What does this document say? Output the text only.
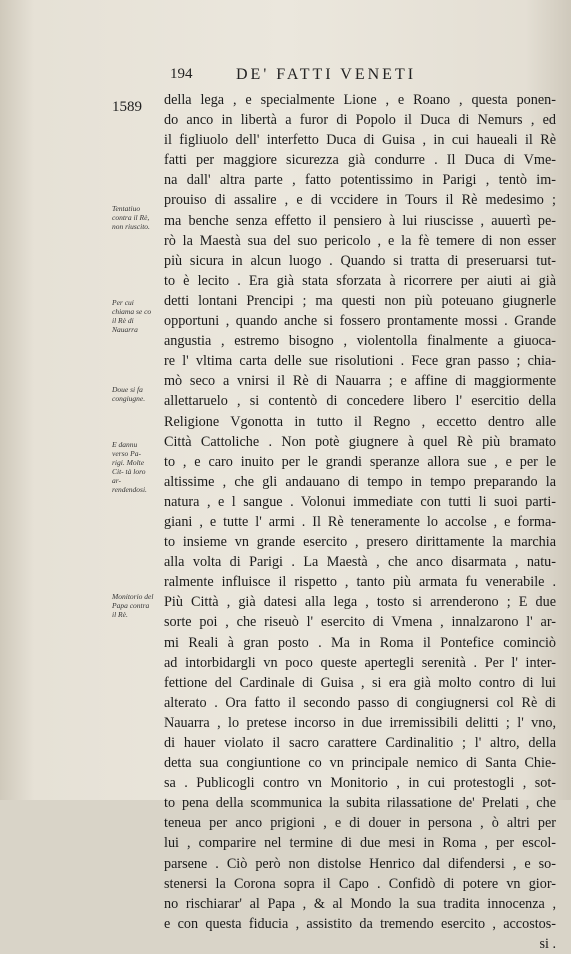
194	DE' FATTI VENETI
1589
Tentatiuo contra il Rè, non riuscito.
Per cui chiama se co il Rè di Nauarra
Doue si fa congiugne.
E dannu verso Pa- rigi. Molte Cit- tà loro ar- rendendosi.
Monitorio del Papa contra il Rè.
della lega , e specialmente Lione , e Roano , questa ponen-
do anco in libertà a furor di Popolo il Duca di Nemurs , ed
il figliuolo dell' interfetto Duca di Guisa , in cui haueali il Rè
fatti per maggiore sicurezza già condurre . Il Duca di Vme-
na dall' altra parte , fatto potentissimo in Parigi , tentò im-
prouiso di assalire , e di vccidere in Tours il Rè medesimo ;
ma benche senza effetto il pensiero à lui riuscisse , auuertì pe-
rò la Maestà sua del suo pericolo , e la fè temere di non esser
più sicura in alcun luogo . Quando si tratta di preseruarsi tut-
to è lecito . Era già stata sforzata à ricorrere per aiuti ai già
detti lontani Prencipi ; ma questi non più poteuano giugnerle
opportuni , quando anche si fossero prontamente mossi . Grande
angustia , estremo bisogno , violentolla finalmente a giuoca-
re l' vltima carta delle sue risolutioni . Fece gran passo ; chia-
mò seco a vnirsi il Rè di Nauarra ; e affine di maggiormente
allettaruelo , si contentò di concedere libero l' esercitio della
Religione Vgonotta in tutto il Regno , eccetto dentro alle
Città Cattoliche . Non potè giugnere à quel Rè più bramato
to , e caro inuito per le grandi speranze allora sue , e per le
altissime , che gli andauano di tempo in tempo preparando la
natura , e l sangue . Volonui immediate con tutti li suoi parti-
giani , e tutte l' armi . Il Rè teneramente lo accolse , e forma-
to insieme vn grande esercito , presero dirittamente la marchia
alla volta di Parigi . La Maestà , che anco disarmata , natu-
ralmente influisce il rispetto , tanto più armata fu venerabile .
Più Città , già datesi alla lega , tosto si arrenderono ; E due
sorte poi , che riseuò l' esercito di Vmena , innalzarono l' ar-
mi Reali à gran posto . Ma in Roma il Pontefice cominciò
ad intorbidargli vn poco queste apertegli serenità . Per l' inter-
fettione del Cardinale di Guisa , si era già molto contro di lui
alterato . Ora fatto il secondo passo di congiugnersi col Rè di
Nauarra , lo pretese incorso in due irremissibili delitti ; l' vno,
di hauer violato il sacro carattere Cardinalitio ; l' altro, della
detta sua congiuntione co vn principale nemico di Santa Chie-
sa . Publicogli contro vn Monitorio , in cui protestogli , sot-
to pena della scommunica la subita rilassatione de' Prelati , che
teneua per anco prigioni , e di douer in persona , ò altri per
lui , comparire nel termine di due mesi in Roma , per escol-
parsene . Ciò però non distolse Henrico dal difendersi , e so-
stenersi la Corona sopra il Capo . Confidò di potere vn gior-
no rischiarar' al Papa , & al Mondo la sua tradita innocenza ,
e con questa fiducia , assistito da tremendo esercito , accostos-
si .
